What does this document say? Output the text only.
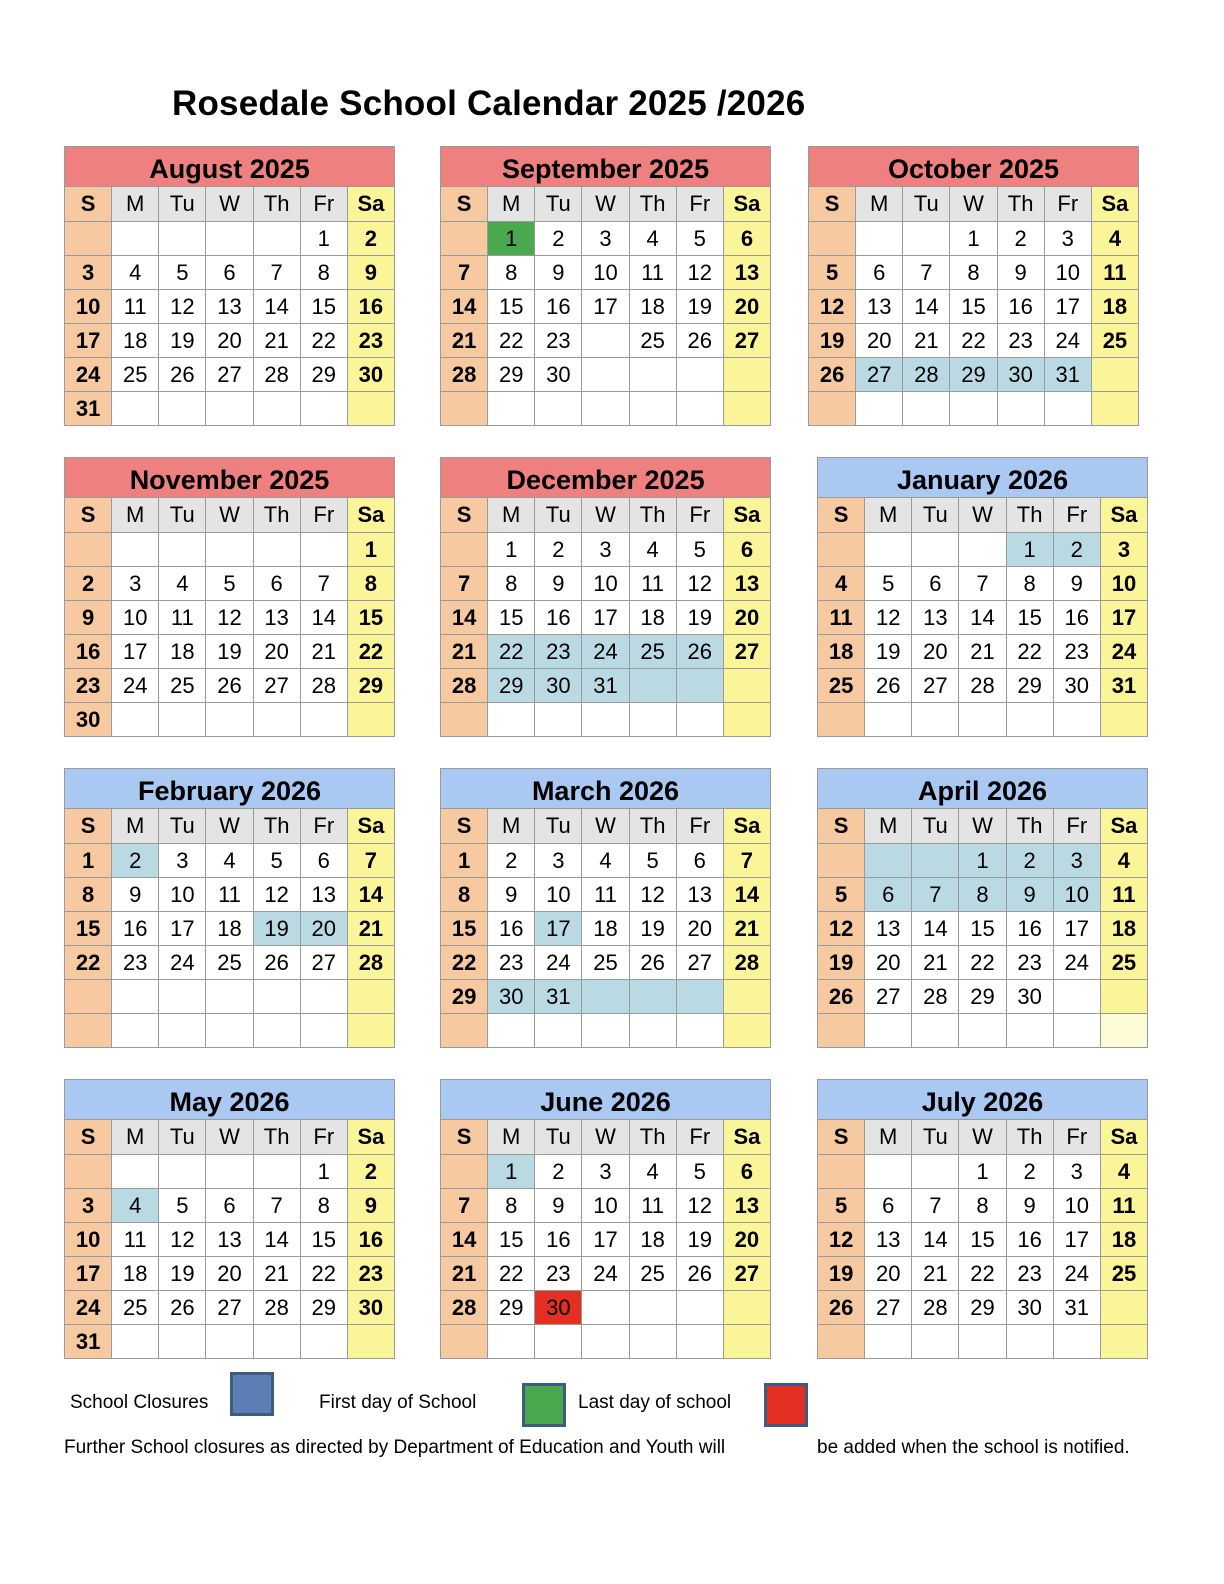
Rosedale School Calendar 2025 /2026
August 2025						
S	M	Tu	W	Th	Fr	Sa
					1	2
3	4	5	6	7	8	9
10	11	12	13	14	15	16
17	18	19	20	21	22	23
24	25	26	27	28	29	30
31						
September 2025						
S	M	Tu	W	Th	Fr	Sa
	1	2	3	4	5	6
7	8	9	10	11	12	13
14	15	16	17	18	19	20
21	22	23		25	26	27
28	29	30				

October 2025						
S	M	Tu	W	Th	Fr	Sa
			1	2	3	4
5	6	7	8	9	10	11
12	13	14	15	16	17	18
19	20	21	22	23	24	25
26	27	28	29	30	31	

November 2025						
S	M	Tu	W	Th	Fr	Sa
						1
2	3	4	5	6	7	8
9	10	11	12	13	14	15
16	17	18	19	20	21	22
23	24	25	26	27	28	29
30						
December 2025						
S	M	Tu	W	Th	Fr	Sa
	1	2	3	4	5	6
7	8	9	10	11	12	13
14	15	16	17	18	19	20
21	22	23	24	25	26	27
28	29	30	31			

January 2026						
S	M	Tu	W	Th	Fr	Sa
				1	2	3
4	5	6	7	8	9	10
11	12	13	14	15	16	17
18	19	20	21	22	23	24
25	26	27	28	29	30	31

February 2026						
S	M	Tu	W	Th	Fr	Sa
1	2	3	4	5	6	7
8	9	10	11	12	13	14
15	16	17	18	19	20	21
22	23	24	25	26	27	28

March 2026						
S	M	Tu	W	Th	Fr	Sa
1	2	3	4	5	6	7
8	9	10	11	12	13	14
15	16	17	18	19	20	21
22	23	24	25	26	27	28
29	30	31				

April 2026						
S	M	Tu	W	Th	Fr	Sa
			1	2	3	4
5	6	7	8	9	10	11
12	13	14	15	16	17	18
19	20	21	22	23	24	25
26	27	28	29	30		

May 2026						
S	M	Tu	W	Th	Fr	Sa
					1	2
3	4	5	6	7	8	9
10	11	12	13	14	15	16
17	18	19	20	21	22	23
24	25	26	27	28	29	30
31						
June 2026						
S	M	Tu	W	Th	Fr	Sa
	1	2	3	4	5	6
7	8	9	10	11	12	13
14	15	16	17	18	19	20
21	22	23	24	25	26	27
28	29	30				

July 2026						
S	M	Tu	W	Th	Fr	Sa
			1	2	3	4
5	6	7	8	9	10	11
12	13	14	15	16	17	18
19	20	21	22	23	24	25
26	27	28	29	30	31	

School Closures	First day of School	Last day of school
Further School closures as directed by Department of Education and Youth will	be added when the school is notified.
